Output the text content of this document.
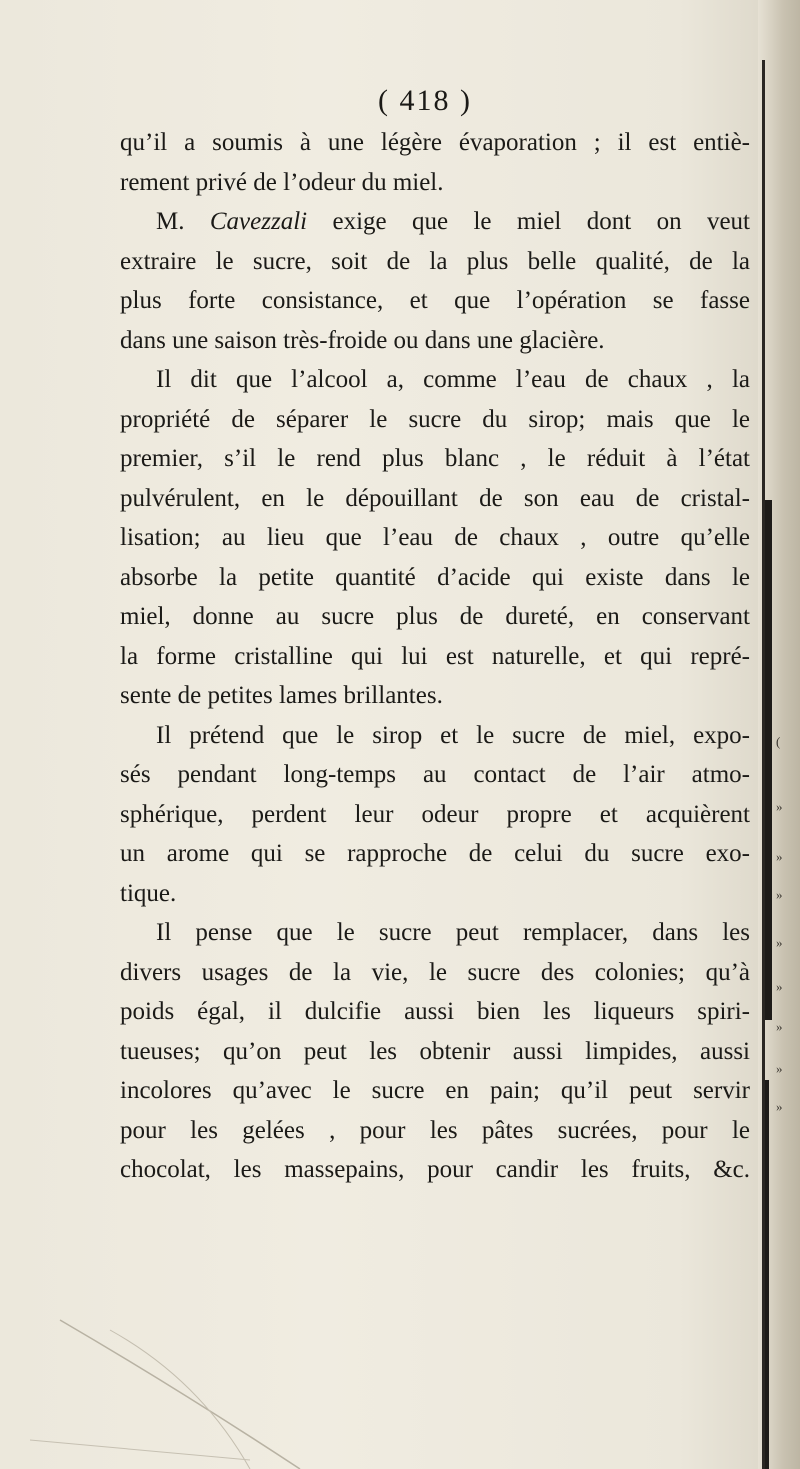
(
»
»
»
»
»
»
»
»
( 418 )
qu’il a soumis à une légère évaporation ; il est entiè-
rement privé de l’odeur du miel.
M. Cavezzali exige que le miel dont on veut
extraire le sucre, soit de la plus belle qualité, de la
plus forte consistance, et que l’opération se fasse
dans une saison très-froide ou dans une glacière.
Il dit que l’alcool a, comme l’eau de chaux , la
propriété de séparer le sucre du sirop; mais que le
premier, s’il le rend plus blanc , le réduit à l’état
pulvérulent, en le dépouillant de son eau de cristal-
lisation; au lieu que l’eau de chaux , outre qu’elle
absorbe la petite quantité d’acide qui existe dans le
miel, donne au sucre plus de dureté, en conservant
la forme cristalline qui lui est naturelle, et qui repré-
sente de petites lames brillantes.
Il prétend que le sirop et le sucre de miel, expo-
sés pendant long-temps au contact de l’air atmo-
sphérique, perdent leur odeur propre et acquièrent
un arome qui se rapproche de celui du sucre exo-
tique.
Il pense que le sucre peut remplacer, dans les
divers usages de la vie, le sucre des colonies; qu’à
poids égal, il dulcifie aussi bien les liqueurs spiri-
tueuses; qu’on peut les obtenir aussi limpides, aussi
incolores qu’avec le sucre en pain; qu’il peut servir
pour les gelées , pour les pâtes sucrées, pour le
chocolat, les massepains, pour candir les fruits, &c.
